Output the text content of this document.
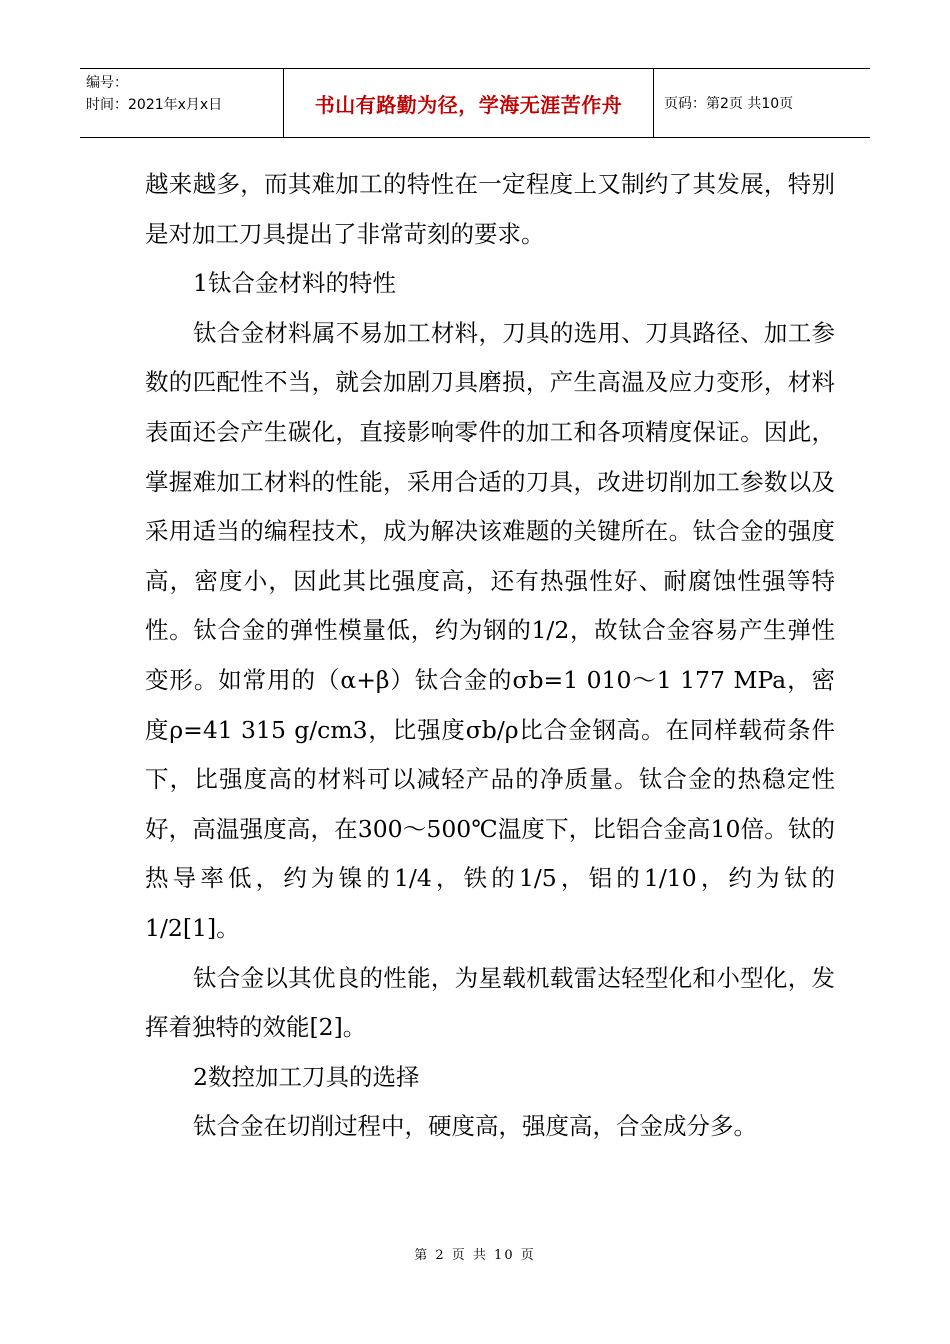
编号：
时间：2021年x月x日	书山有路勤为径，学海无涯苦作舟	页码：第2页 共10页

越来越多，而其难加工的特性在一定程度上又制约了其发展，特别是对加工刀具提出了非常苛刻的要求。

1钛合金材料的特性

钛合金材料属不易加工材料，刀具的选用、刀具路径、加工参数的匹配性不当，就会加剧刀具磨损，产生高温及应力变形，材料表面还会产生碳化，直接影响零件的加工和各项精度保证。因此，掌握难加工材料的性能，采用合适的刀具，改进切削加工参数以及采用适当的编程技术，成为解决该难题的关键所在。钛合金的强度高，密度小，因此其比强度高，还有热强性好、耐腐蚀性强等特性。钛合金的弹性模量低，约为钢的1/2，故钛合金容易产生弹性变形。如常用的（α+β）钛合金的σb=1 010～1 177 MPa，密度ρ=41 315 g/cm3，比强度σb/ρ比合金钢高。在同样载荷条件下，比强度高的材料可以减轻产品的净质量。钛合金的热稳定性好，高温强度高，在300～500℃温度下，比铝合金高10倍。钛的热导率低，约为镍的1/4，铁的1/5，铝的1/10，约为钛的1/2[1]。

钛合金以其优良的性能，为星载机载雷达轻型化和小型化，发挥着独特的效能[2]。

2数控加工刀具的选择

钛合金在切削过程中，硬度高，强度高，合金成分多。

第 2 页 共 10 页
